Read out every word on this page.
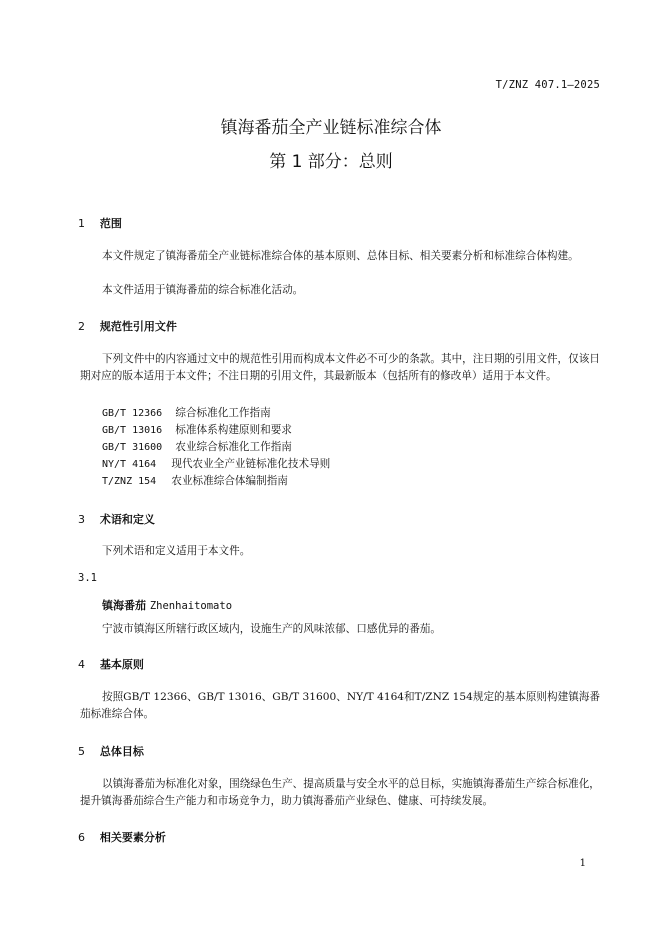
T/ZNZ 407.1—2025
镇海番茄全产业链标准综合体
第 1 部分：总则
1 范围
本文件规定了镇海番茄全产业链标准综合体的基本原则、总体目标、相关要素分析和标准综合体构建。
本文件适用于镇海番茄的综合标准化活动。
2 规范性引用文件
下列文件中的内容通过文中的规范性引用而构成本文件必不可少的条款。其中，注日期的引用文件，仅该日期对应的版本适用于本文件；不注日期的引用文件，其最新版本（包括所有的修改单）适用于本文件。
GB/T 12366 综合标准化工作指南
GB/T 13016 标准体系构建原则和要求
GB/T 31600 农业综合标准化工作指南
NY/T 4164 现代农业全产业链标准化技术导则
T/ZNZ 154 农业标准综合体编制指南
3 术语和定义
下列术语和定义适用于本文件。
3.1
镇海番茄 Zhenhaitomato
宁波市镇海区所辖行政区域内，设施生产的风味浓郁、口感优异的番茄。
4 基本原则
按照GB/T 12366、GB/T 13016、GB/T 31600、NY/T 4164和T/ZNZ 154规定的基本原则构建镇海番茄标准综合体。
5 总体目标
以镇海番茄为标准化对象，围绕绿色生产、提高质量与安全水平的总目标，实施镇海番茄生产综合标准化，提升镇海番茄综合生产能力和市场竞争力，助力镇海番茄产业绿色、健康、可持续发展。
6 相关要素分析
1
